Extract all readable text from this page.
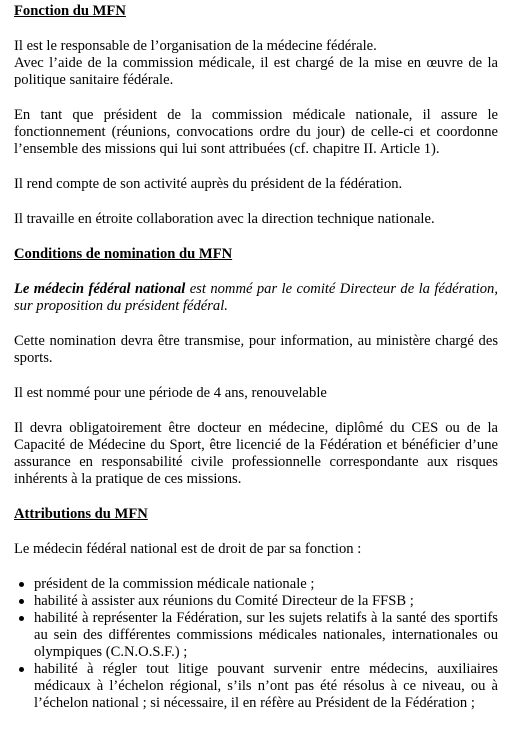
Fonction du MFN

Il est le responsable de l’organisation de la médecine fédérale.

Avec l’aide de la commission médicale, il est chargé de la mise en œuvre de la politique sanitaire fédérale.

En tant que président de la commission médicale nationale, il assure le fonctionnement (réunions, convocations ordre du jour) de celle-ci et coordonne l’ensemble des missions qui lui sont attribuées (cf. chapitre II. Article 1).

Il rend compte de son activité auprès du président de la fédération.

Il travaille en étroite collaboration avec la direction technique nationale.

Conditions de nomination du MFN

Le médecin fédéral national est nommé par le comité Directeur de la fédération, sur proposition du président fédéral.

Cette nomination devra être transmise, pour information, au ministère chargé des sports.

Il est nommé pour une période de 4 ans, renouvelable

Il devra obligatoirement être docteur en médecine, diplômé du CES ou de la Capacité de Médecine du Sport, être licencié de la Fédération et bénéficier d’une assurance en responsabilité civile professionnelle correspondante aux risques inhérents à la pratique de ces missions.

Attributions du MFN

Le médecin fédéral national est de droit de par sa fonction :

président de la commission médicale nationale ;
habilité à assister aux réunions du Comité Directeur de la FFSB ;
habilité à représenter la Fédération, sur les sujets relatifs à la santé des sportifs au sein des différentes commissions médicales nationales, internationales ou olympiques (C.N.O.S.F.) ;
habilité à régler tout litige pouvant survenir entre médecins, auxiliaires médicaux à l’échelon régional, s’ils n’ont pas été résolus à ce niveau, ou à l’échelon national ; si nécessaire, il en réfère au Président de la Fédération ;
